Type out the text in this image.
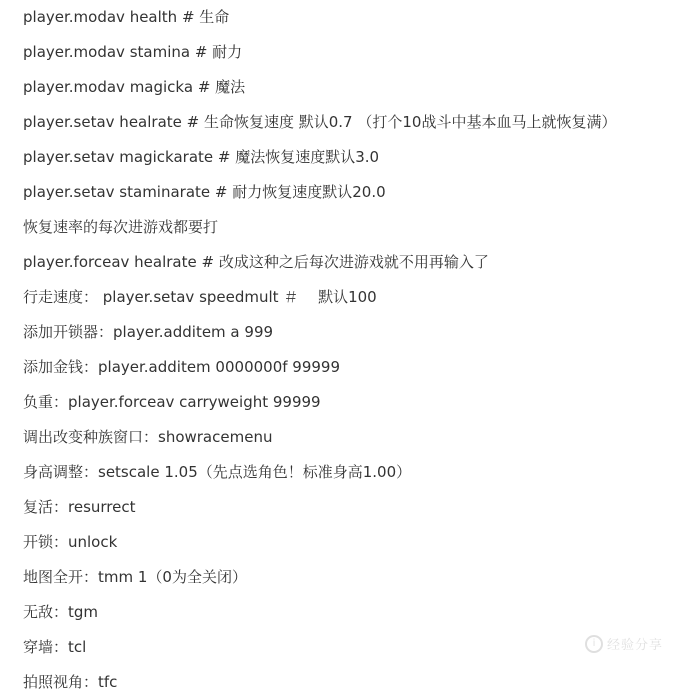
player.modav health # 生命
player.modav stamina # 耐力
player.modav magicka # 魔法
player.setav healrate # 生命恢复速度 默认0.7 （打个10战斗中基本血马上就恢复满）
player.setav magickarate # 魔法恢复速度默认3.0
player.setav staminarate # 耐力恢复速度默认20.0
恢复速率的每次进游戏都要打
player.forceav healrate # 改成这种之后每次进游戏就不用再输入了
行走速度： player.setav speedmult ＃　 默认100
添加开锁器：player.additem a 999
添加金钱：player.additem 0000000f 99999
负重：player.forceav carryweight 99999
调出改变种族窗口：showracemenu
身高调整：setscale 1.05（先点选角色！标准身高1.00）
复活：resurrect
开锁：unlock
地图全开：tmm 1（0为全关闭）
无敌：tgm
穿墙：tcl
拍照视角：tfc
i 经验分享
